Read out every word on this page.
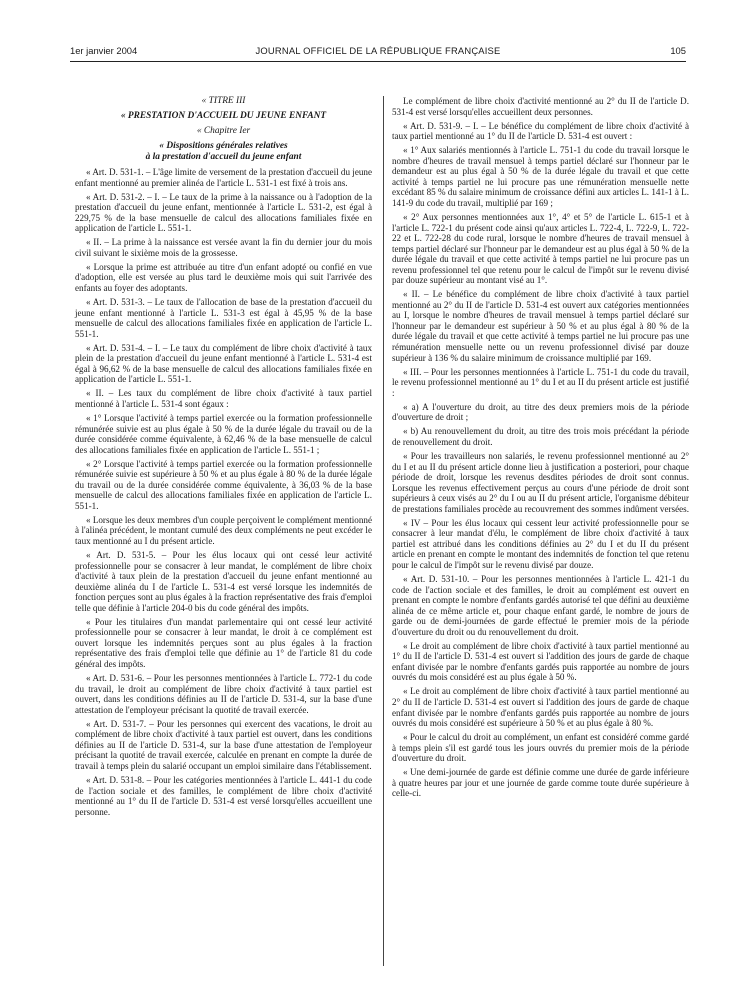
1er janvier 2004	JOURNAL OFFICIEL DE LA RÉPUBLIQUE FRANÇAISE	105
« TITRE III
« PRESTATION D'ACCUEIL DU JEUNE ENFANT
« Chapitre Ier
« Dispositions générales relatives
à la prestation d'accueil du jeune enfant

« Art. D. 531-1. – L'âge limite de versement de la prestation d'accueil du jeune enfant mentionné au premier alinéa de l'article L. 531-1 est fixé à trois ans.

« Art. D. 531-2. – I. – Le taux de la prime à la naissance ou à l'adoption de la prestation d'accueil du jeune enfant, mentionnée à l'article L. 531-2, est égal à 229,75 % de la base mensuelle de calcul des allocations familiales fixée en application de l'article L. 551-1.

« II. – La prime à la naissance est versée avant la fin du dernier jour du mois civil suivant le sixième mois de la grossesse.

« Lorsque la prime est attribuée au titre d'un enfant adopté ou confié en vue d'adoption, elle est versée au plus tard le deuxième mois qui suit l'arrivée des enfants au foyer des adoptants.

« Art. D. 531-3. – Le taux de l'allocation de base de la prestation d'accueil du jeune enfant mentionné à l'article L. 531-3 est égal à 45,95 % de la base mensuelle de calcul des allocations familiales fixée en application de l'article L. 551-1.

« Art. D. 531-4. – I. – Le taux du complément de libre choix d'activité à taux plein de la prestation d'accueil du jeune enfant mentionné à l'article L. 531-4 est égal à 96,62 % de la base mensuelle de calcul des allocations familiales fixée en application de l'article L. 551-1.

« II. – Les taux du complément de libre choix d'activité à taux partiel mentionné à l'article L. 531-4 sont égaux :

« 1° Lorsque l'activité à temps partiel exercée ou la formation professionnelle rémunérée suivie est au plus égale à 50 % de la durée légale du travail ou de la durée considérée comme équivalente, à 62,46 % de la base mensuelle de calcul des allocations familiales fixée en application de l'article L. 551-1 ;

« 2° Lorsque l'activité à temps partiel exercée ou la formation professionnelle rémunérée suivie est supérieure à 50 % et au plus égale à 80 % de la durée légale du travail ou de la durée considérée comme équivalente, à 36,03 % de la base mensuelle de calcul des allocations familiales fixée en application de l'article L. 551-1.

« Lorsque les deux membres d'un couple perçoivent le complément mentionné à l'alinéa précédent, le montant cumulé des deux compléments ne peut excéder le taux mentionné au I du présent article.

« Art. D. 531-5. – Pour les élus locaux qui ont cessé leur activité professionnelle pour se consacrer à leur mandat, le complément de libre choix d'activité à taux plein de la prestation d'accueil du jeune enfant mentionné au deuxième alinéa du I de l'article L. 531-4 est versé lorsque les indemnités de fonction perçues sont au plus égales à la fraction représentative des frais d'emploi telle que définie à l'article 204-0 bis du code général des impôts.

« Pour les titulaires d'un mandat parlementaire qui ont cessé leur activité professionnelle pour se consacrer à leur mandat, le droit à ce complément est ouvert lorsque les indemnités perçues sont au plus égales à la fraction représentative des frais d'emploi telle que définie au 1° de l'article 81 du code général des impôts.

« Art. D. 531-6. – Pour les personnes mentionnées à l'article L. 772-1 du code du travail, le droit au complément de libre choix d'activité à taux partiel est ouvert, dans les conditions définies au II de l'article D. 531-4, sur la base d'une attestation de l'employeur précisant la quotité de travail exercée.

« Art. D. 531-7. – Pour les personnes qui exercent des vacations, le droit au complément de libre choix d'activité à taux partiel est ouvert, dans les conditions définies au II de l'article D. 531-4, sur la base d'une attestation de l'employeur précisant la quotité de travail exercée, calculée en prenant en compte la durée de travail à temps plein du salarié occupant un emploi similaire dans l'établissement.

« Art. D. 531-8. – Pour les catégories mentionnées à l'article L. 441-1 du code de l'action sociale et des familles, le complément de libre choix d'activité mentionné au 1° du II de l'article D. 531-4 est versé lorsqu'elles accueillent une personne.

Le complément de libre choix d'activité mentionné au 2° du II de l'article D. 531-4 est versé lorsqu'elles accueillent deux personnes.

« Art. D. 531-9. – I. – Le bénéfice du complément de libre choix d'activité à taux partiel mentionné au 1° du II de l'article D. 531-4 est ouvert :

« 1° Aux salariés mentionnés à l'article L. 751-1 du code du travail lorsque le nombre d'heures de travail mensuel à temps partiel déclaré sur l'honneur par le demandeur est au plus égal à 50 % de la durée légale du travail et que cette activité à temps partiel ne lui procure pas une rémunération mensuelle nette excédant 85 % du salaire minimum de croissance défini aux articles L. 141-1 à L. 141-9 du code du travail, multiplié par 169 ;

« 2° Aux personnes mentionnées aux 1°, 4° et 5° de l'article L. 615-1 et à l'article L. 722-1 du présent code ainsi qu'aux articles L. 722-4, L. 722-9, L. 722-22 et L. 722-28 du code rural, lorsque le nombre d'heures de travail mensuel à temps partiel déclaré sur l'honneur par le demandeur est au plus égal à 50 % de la durée légale du travail et que cette activité à temps partiel ne lui procure pas un revenu professionnel tel que retenu pour le calcul de l'impôt sur le revenu divisé par douze supérieur au montant visé au 1°.

« II. – Le bénéfice du complément de libre choix d'activité à taux partiel mentionné au 2° du II de l'article D. 531-4 est ouvert aux catégories mentionnées au I, lorsque le nombre d'heures de travail mensuel à temps partiel déclaré sur l'honneur par le demandeur est supérieur à 50 % et au plus égal à 80 % de la durée légale du travail et que cette activité à temps partiel ne lui procure pas une rémunération mensuelle nette ou un revenu professionnel divisé par douze supérieur à 136 % du salaire minimum de croissance multiplié par 169.

« III. – Pour les personnes mentionnées à l'article L. 751-1 du code du travail, le revenu professionnel mentionné au 1° du I et au II du présent article est justifié :

« a) A l'ouverture du droit, au titre des deux premiers mois de la période d'ouverture de droit ;

« b) Au renouvellement du droit, au titre des trois mois précédant la période de renouvellement du droit.

« Pour les travailleurs non salariés, le revenu professionnel mentionné au 2° du I et au II du présent article donne lieu à justification a posteriori, pour chaque période de droit, lorsque les revenus desdites périodes de droit sont connus. Lorsque les revenus effectivement perçus au cours d'une période de droit sont supérieurs à ceux visés au 2° du I ou au II du présent article, l'organisme débiteur de prestations familiales procède au recouvrement des sommes indûment versées.

« IV – Pour les élus locaux qui cessent leur activité professionnelle pour se consacrer à leur mandat d'élu, le complément de libre choix d'activité à taux partiel est attribué dans les conditions définies au 2° du I et du II du présent article en prenant en compte le montant des indemnités de fonction tel que retenu pour le calcul de l'impôt sur le revenu divisé par douze.

« Art. D. 531-10. – Pour les personnes mentionnées à l'article L. 421-1 du code de l'action sociale et des familles, le droit au complément est ouvert en prenant en compte le nombre d'enfants gardés autorisé tel que défini au deuxième alinéa de ce même article et, pour chaque enfant gardé, le nombre de jours de garde ou de demi-journées de garde effectué le premier mois de la période d'ouverture du droit ou du renouvellement du droit.

« Le droit au complément de libre choix d'activité à taux partiel mentionné au 1° du II de l'article D. 531-4 est ouvert si l'addition des jours de garde de chaque enfant divisée par le nombre d'enfants gardés puis rapportée au nombre de jours ouvrés du mois considéré est au plus égale à 50 %.

« Le droit au complément de libre choix d'activité à taux partiel mentionné au 2° du II de l'article D. 531-4 est ouvert si l'addition des jours de garde de chaque enfant divisée par le nombre d'enfants gardés puis rapportée au nombre de jours ouvrés du mois considéré est supérieure à 50 % et au plus égale à 80 %.

« Pour le calcul du droit au complément, un enfant est considéré comme gardé à temps plein s'il est gardé tous les jours ouvrés du premier mois de la période d'ouverture du droit.

« Une demi-journée de garde est définie comme une durée de garde inférieure à quatre heures par jour et une journée de garde comme toute durée supérieure à celle-ci.
